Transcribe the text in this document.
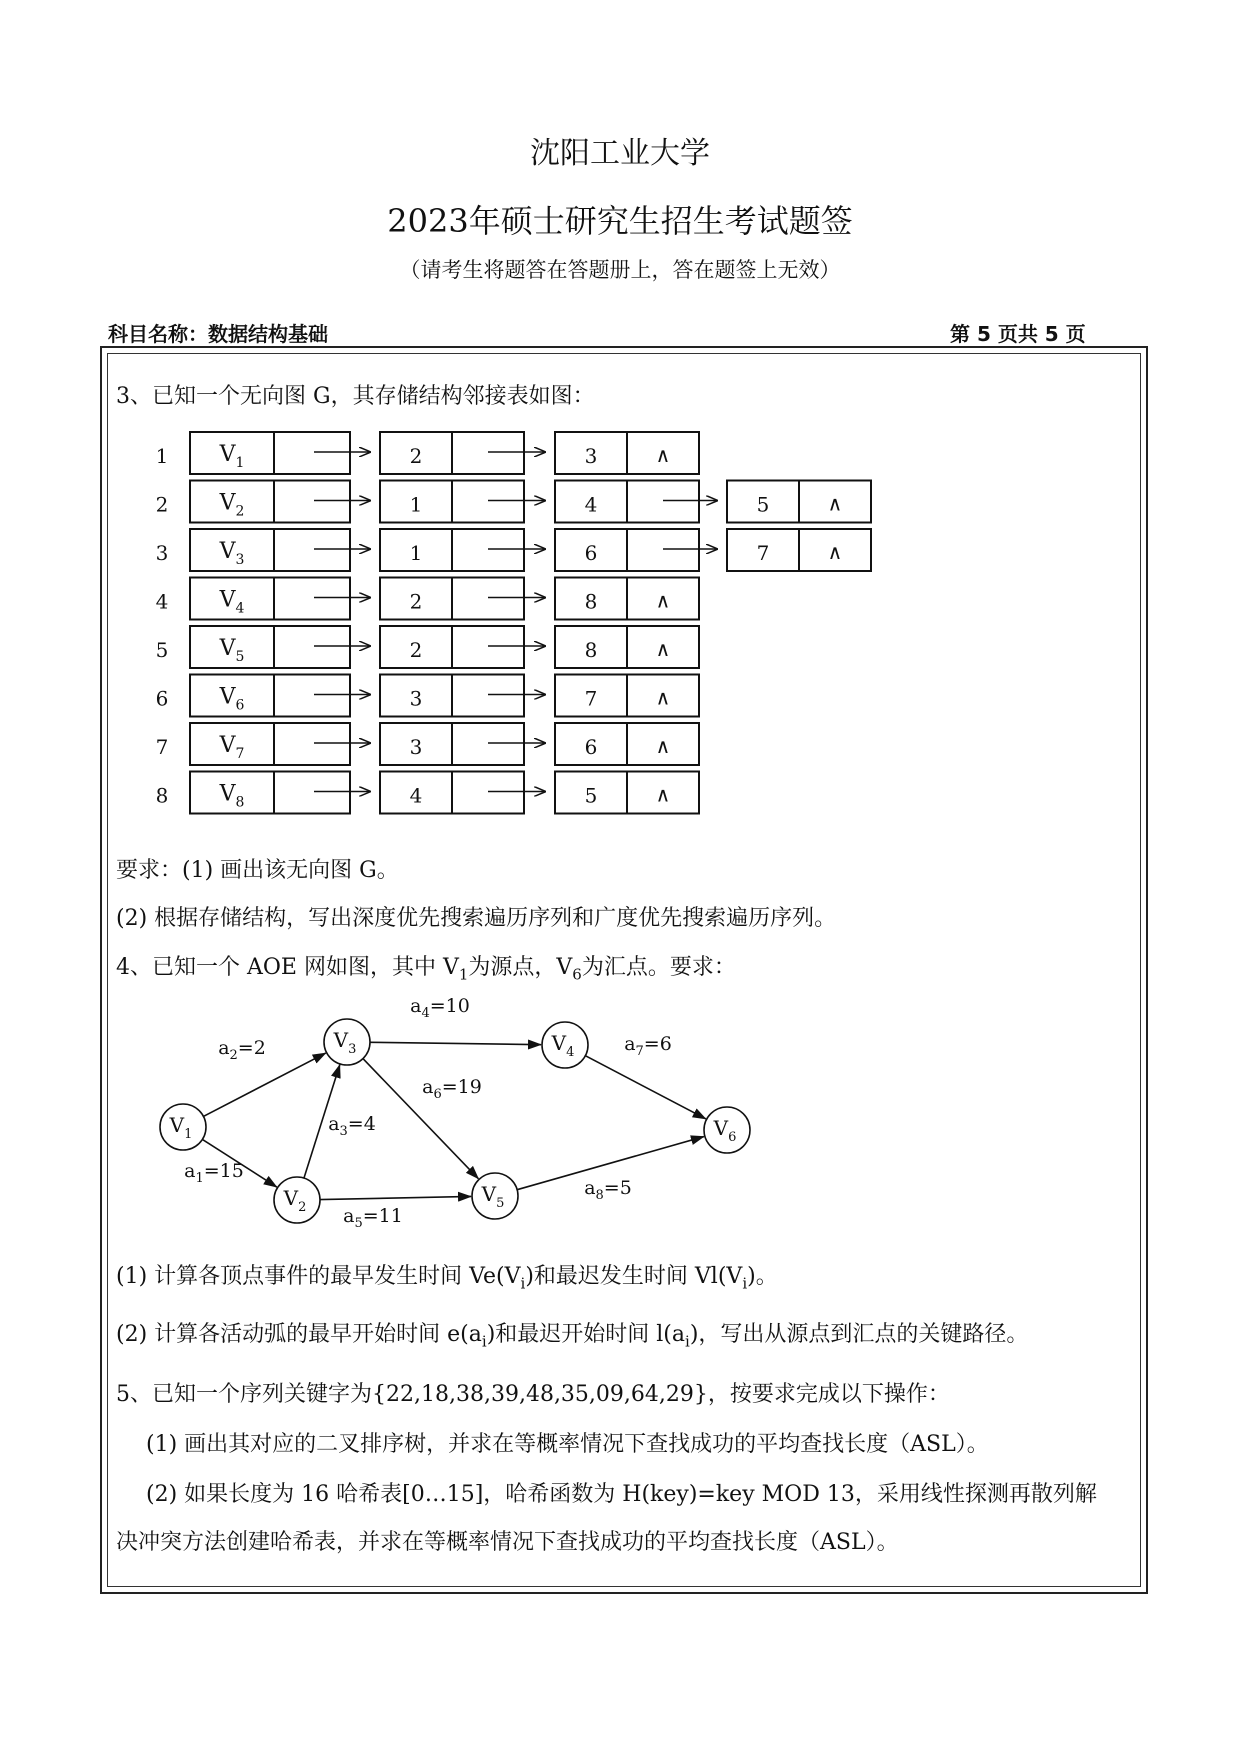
沈阳工业大学
2023年硕士研究生招生考试题签
（请考生将题答在答题册上，答在题签上无效）
科目名称：数据结构基础	第 5 页共 5 页
3、已知一个无向图 G，其存储结构邻接表如图：
1 $V_1$	2	3	∧
2 $V_2$	1	4	5	∧
3 $V_3$	1	6	7	∧
4 $V_4$	2	8	∧
5 $V_5$	2	8	∧
6 $V_6$	3	7	∧
7 $V_7$	3	6	∧
8 $V_8$	4	5	∧
$a_1=15$
$a_2=2$
$a_3=4$
$a_4=10$
$a_5=11$
$a_6=19$
$a_7=6$
$a_8=5$
$V_1$
$V_2$
$V_3$	$V_4$
$V_5$
$V_6$
要求：(1) 画出该无向图 G。
(2) 根据存储结构，写出深度优先搜索遍历序列和广度优先搜索遍历序列。
4、已知一个 AOE 网如图，其中 $V_1$为源点，$V_6$为汇点。要求：
(1) 计算各顶点事件的最早发生时间 $Ve(V_i)$和最迟发生时间 $Vl(V_i)$。
(2) 计算各活动弧的最早开始时间 $e(a_i)$和最迟开始时间 $l(a_i)$，写出从源点到汇点的关键路径。
5、已知一个序列关键字为{22,18,38,39,48,35,09,64,29}，按要求完成以下操作：
(1) 画出其对应的二叉排序树，并求在等概率情况下查找成功的平均查找长度（ASL）。
(2) 如果长度为 16 哈希表[0…15]，哈希函数为 H(key)=key MOD 13，采用线性探测再散列解
决冲突方法创建哈希表，并求在等概率情况下查找成功的平均查找长度（ASL）。
